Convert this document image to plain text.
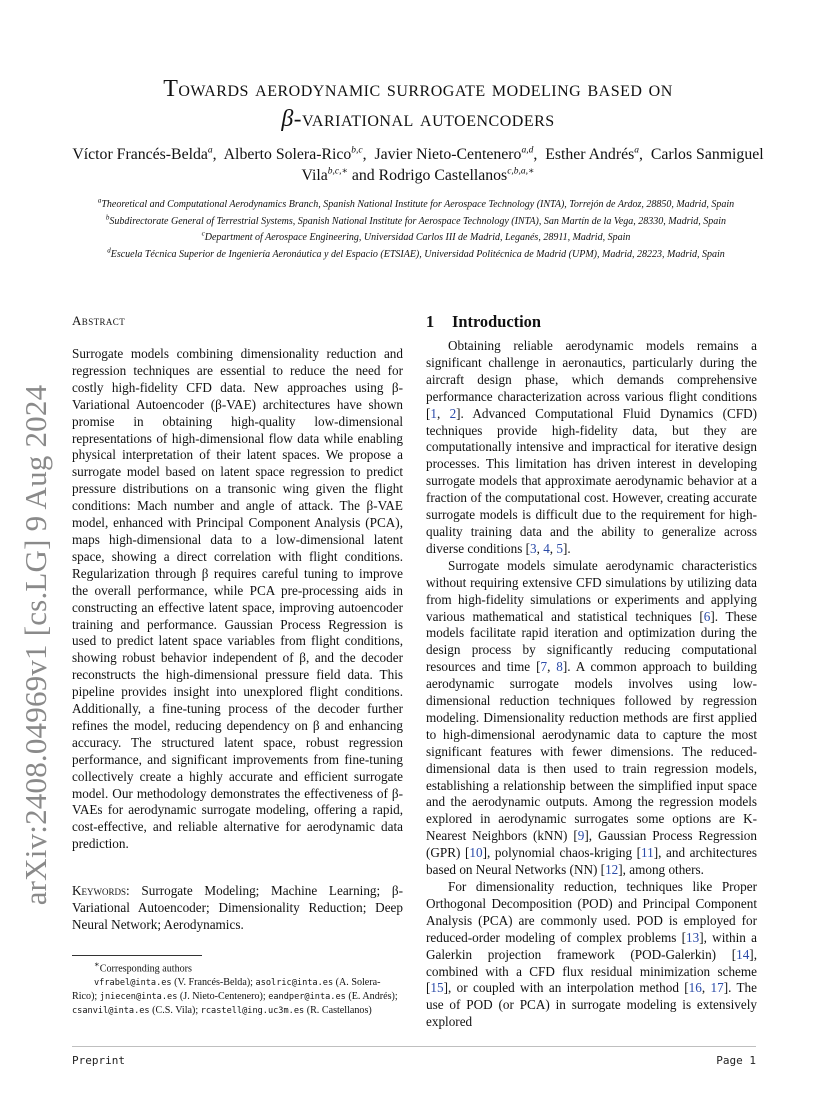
arXiv:2408.04969v1 [cs.LG] 9 Aug 2024
Towards aerodynamic surrogate modeling based on
β-variational autoencoders
Víctor Francés-Belda$^a$,  Alberto Solera-Rico$^{b,c}$,  Javier Nieto-Centenero$^{a,d}$,  Esther Andrés$^a$,  Carlos Sanmiguel Vila$^{b,c,∗}$ and Rodrigo Castellanos$^{c,b,a,∗}$
$^a$Theoretical and Computational Aerodynamics Branch, Spanish National Institute for Aerospace Technology (INTA), Torrejón de Ardoz, 28850, Madrid, Spain
$^b$Subdirectorate General of Terrestrial Systems, Spanish National Institute for Aerospace Technology (INTA), San Martín de la Vega, 28330, Madrid, Spain
$^c$Department of Aerospace Engineering, Universidad Carlos III de Madrid, Leganés, 28911, Madrid, Spain
$^d$Escuela Técnica Superior de Ingeniería Aeronáutica y del Espacio (ETSIAE), Universidad Politécnica de Madrid (UPM), Madrid, 28223, Madrid, Spain
Abstract
Surrogate models combining dimensionality reduction and regression techniques are essential to reduce the need for costly high-fidelity CFD data. New approaches using β-Variational Autoencoder (β-VAE) architectures have shown promise in obtaining high-quality low-dimensional representations of high-dimensional flow data while enabling physical interpretation of their latent spaces. We propose a surrogate model based on latent space regression to predict pressure distributions on a transonic wing given the flight conditions: Mach number and angle of attack. The β-VAE model, enhanced with Principal Component Analysis (PCA), maps high-dimensional data to a low-dimensional latent space, showing a direct correlation with flight conditions. Regularization through β requires careful tuning to improve the overall performance, while PCA pre-processing aids in constructing an effective latent space, improving autoencoder training and performance. Gaussian Process Regression is used to predict latent space variables from flight conditions, showing robust behavior independent of β, and the decoder reconstructs the high-dimensional pressure field data. This pipeline provides insight into unexplored flight conditions. Additionally, a fine-tuning process of the decoder further refines the model, reducing dependency on β and enhancing accuracy. The structured latent space, robust regression performance, and significant improvements from fine-tuning collectively create a highly accurate and efficient surrogate model. Our methodology demonstrates the effectiveness of β-VAEs for aerodynamic surrogate modeling, offering a rapid, cost-effective, and reliable alternative for aerodynamic data prediction.
Keywords: Surrogate Modeling; Machine Learning; β-Variational Autoencoder; Dimensionality Reduction; Deep Neural Network; Aerodynamics.
∗Corresponding authors
vfrabel@inta.es (V. Francés-Belda); asolric@inta.es (A. Solera-Rico); jniecen@inta.es (J. Nieto-Centenero); eandper@inta.es (E. Andrés); csanvil@inta.es (C.S. Vila); rcastell@ing.uc3m.es (R. Castellanos)
1 Introduction

Obtaining reliable aerodynamic models remains a significant challenge in aeronautics, particularly during the aircraft design phase, which demands comprehensive performance characterization across various flight conditions [1, 2]. Advanced Computational Fluid Dynamics (CFD) techniques provide high-fidelity data, but they are computationally intensive and impractical for iterative design processes. This limitation has driven interest in developing surrogate models that approximate aerodynamic behavior at a fraction of the computational cost. However, creating accurate surrogate models is difficult due to the requirement for high-quality training data and the ability to generalize across diverse conditions [3, 4, 5].

Surrogate models simulate aerodynamic characteristics without requiring extensive CFD simulations by utilizing data from high-fidelity simulations or experiments and applying various mathematical and statistical techniques [6]. These models facilitate rapid iteration and optimization during the design process by significantly reducing computational resources and time [7, 8]. A common approach to building aerodynamic surrogate models involves using low-dimensional reduction techniques followed by regression modeling. Dimensionality reduction methods are first applied to high-dimensional aerodynamic data to capture the most significant features with fewer dimensions. The reduced-dimensional data is then used to train regression models, establishing a relationship between the simplified input space and the aerodynamic outputs. Among the regression models explored in aerodynamic surrogates some options are K-Nearest Neighbors (kNN) [9], Gaussian Process Regression (GPR) [10], polynomial chaos-kriging [11], and architectures based on Neural Networks (NN) [12], among others.

For dimensionality reduction, techniques like Proper Orthogonal Decomposition (POD) and Principal Component Analysis (PCA) are commonly used. POD is employed for reduced-order modeling of complex problems [13], within a Galerkin projection framework (POD-Galerkin) [14], combined with a CFD flux residual minimization scheme [15], or coupled with an interpolation method [16, 17]. The use of POD (or PCA) in surrogate modeling is extensively explored

Preprint	Page 1
